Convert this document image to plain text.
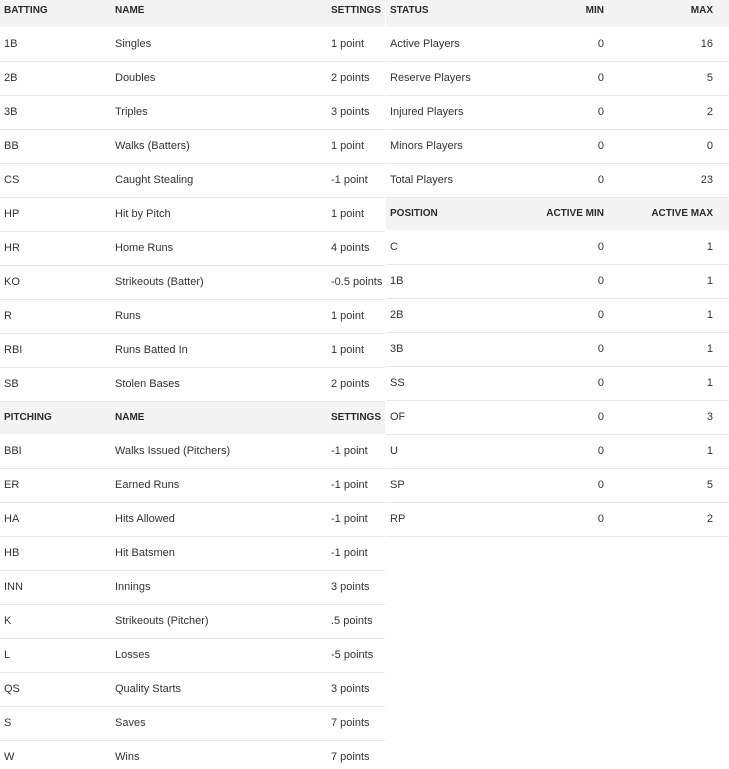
BATTING	NAME	SETTINGS
1B	Singles	1 point
2B	Doubles	2 points
3B	Triples	3 points
BB	Walks (Batters)	1 point
CS	Caught Stealing	-1 point
HP	Hit by Pitch	1 point
HR	Home Runs	4 points
KO	Strikeouts (Batter)	-0.5 points
R	Runs	1 point
RBI	Runs Batted In	1 point
SB	Stolen Bases	2 points
PITCHING	NAME	SETTINGS
BBI	Walks Issued (Pitchers)	-1 point
ER	Earned Runs	-1 point
HA	Hits Allowed	-1 point
HB	Hit Batsmen	-1 point
INN	Innings	3 points
K	Strikeouts (Pitcher)	.5 points
L	Losses	-5 points
QS	Quality Starts	3 points
S	Saves	7 points
W	Wins	7 points
STATUS	MIN	MAX
Active Players	0	16
Reserve Players	0	5
Injured Players	0	2
Minors Players	0	0
Total Players	0	23
POSITION	ACTIVE MIN	ACTIVE MAX
C	0	1
1B	0	1
2B	0	1
3B	0	1
SS	0	1
OF	0	3
U	0	1
SP	0	5
RP	0	2
